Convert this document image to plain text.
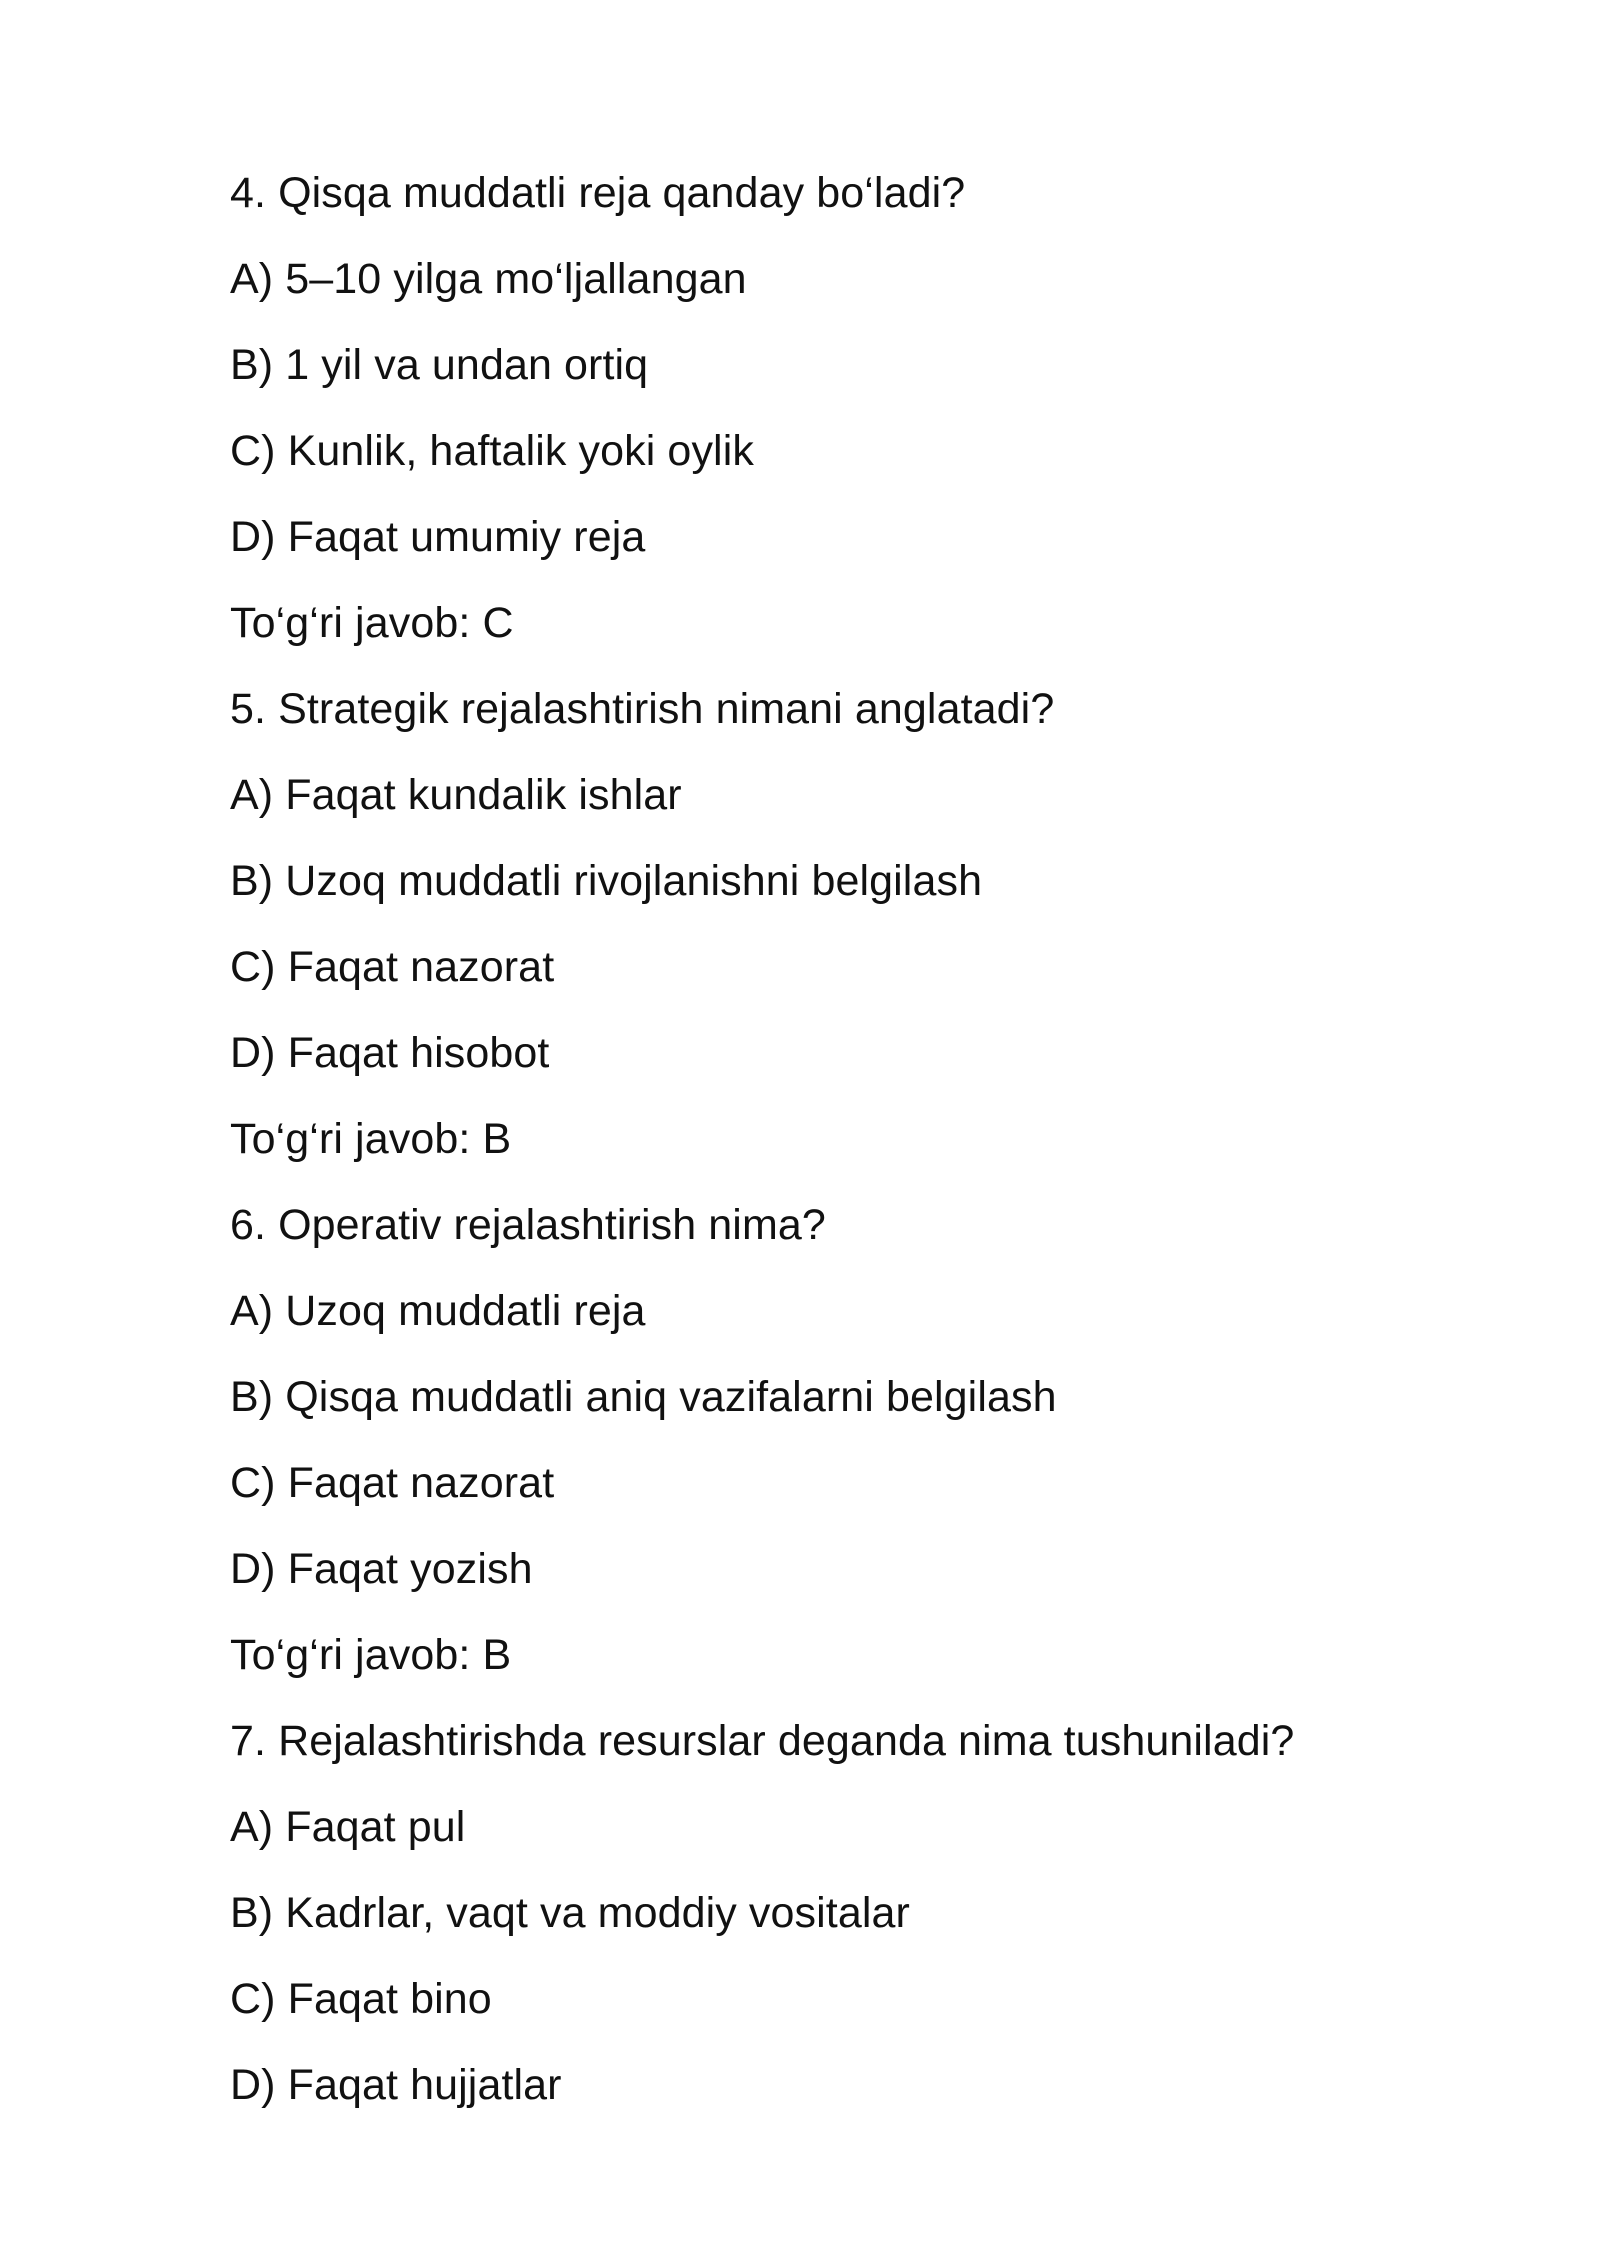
4. Qisqa muddatli reja qanday bo‘ladi?
A) 5–10 yilga mo‘ljallangan
B) 1 yil va undan ortiq
C) Kunlik, haftalik yoki oylik
D) Faqat umumiy reja
To‘g‘ri javob: C
5. Strategik rejalashtirish nimani anglatadi?
A) Faqat kundalik ishlar
B) Uzoq muddatli rivojlanishni belgilash
C) Faqat nazorat
D) Faqat hisobot
To‘g‘ri javob: B
6. Operativ rejalashtirish nima?
A) Uzoq muddatli reja
B) Qisqa muddatli aniq vazifalarni belgilash
C) Faqat nazorat
D) Faqat yozish
To‘g‘ri javob: B
7. Rejalashtirishda resurslar deganda nima tushuniladi?
A) Faqat pul
B) Kadrlar, vaqt va moddiy vositalar
C) Faqat bino
D) Faqat hujjatlar
